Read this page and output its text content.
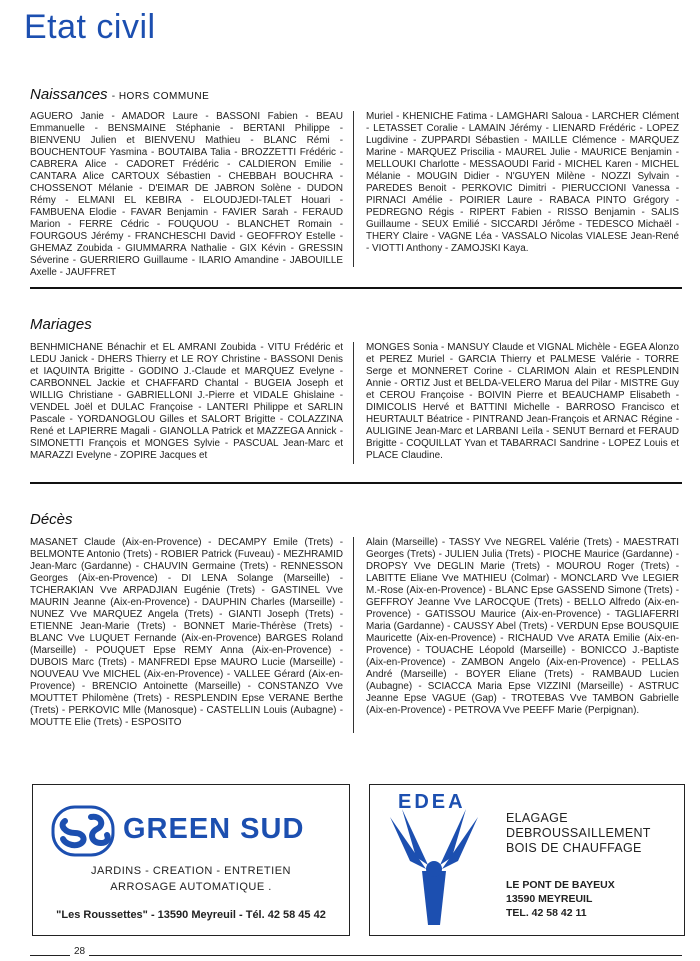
Etat civil
Naissances - HORS COMMUNE
AGUERO Janie - AMADOR Laure - BASSONI Fabien - BEAU Emmanuelle - BENSMAINE Stéphanie - BERTANI Philippe - BIENVENU Julien et BIENVENU Mathieu - BLANC Rémi - BOUCHENTOUF Yasmina - BOUTAIBA Talia - BROZZETTI Frédéric - CABRERA Alice - CADORET Frédéric - CALDIERON Emilie - CANTARA Alice CARTOUX Sébastien - CHEBBAH BOUCHRA - CHOSSENOT Mélanie - D'EIMAR DE JABRON Solène - DUDON Rémy - ELMANI EL KEBIRA - ELOUDJEDI-TALET Houari - FAMBUENA Elodie - FAVAR Benjamin - FAVIER Sarah - FERAUD Marion - FERRE Cédric - FOUQUOU - BLANCHET Romain - FOURGOUS Jérémy - FRANCHESCHI David - GEOFFROY Estelle - GHEMAZ Zoubida - GIUMMARRA Nathalie - GIX Kévin - GRESSIN Séverine - GUERRIERO Guillaume - ILARIO Amandine - JABOUILLE Axelle - JAUFFRET
Muriel - KHENICHE Fatima - LAMGHARI Saloua - LARCHER Clément - LETASSET Coralie - LAMAIN Jérémy - LIENARD Frédéric - LOPEZ Lugdivine - ZUPPARDI Sébastien - MAILLE Clémence - MARQUEZ Marine - MARQUEZ Priscilia - MAUREL Julie - MAURICE Benjamin - MELLOUKI Charlotte - MESSAOUDI Farid - MICHEL Karen - MICHEL Mélanie - MOUGIN Didier - N'GUYEN Milène - NOZZI Sylvain - PAREDES Benoit - PERKOVIC Dimitri - PIERUCCIONI Vanessa - PIRNACI Amélie - POIRIER Laure - RABACA PINTO Grégory - PEDREGNO Régis - RIPERT Fabien - RISSO Benjamin - SALIS Guillaume - SEUX Emilié - SICCARDI Jérôme - TEDESCO Michaël - THERY Claire - VAGNE Léa - VASSALO Nicolas VIALESE Jean-René - VIOTTI Anthony - ZAMOJSKI Kaya.
Mariages
BENHMICHANE Bénachir et EL AMRANI Zoubida - VITU Frédéric et LEDU Janick - DHERS Thierry et LE ROY Christine - BASSONI Denis et IAQUINTA Brigitte - GODINO J.-Claude et MARQUEZ Evelyne - CARBONNEL Jackie et CHAFFARD Chantal - BUGEIA Joseph et WILLIG Christiane - GABRIELLONI J.-Pierre et VIDALE Ghislaine - VENDEL Joël et DULAC Françoise - LANTERI Philippe et SARLIN Pascale - YORDANOGLOU Gilles et SALORT Brigitte - COLAZZINA René et LAPIERRE Magali - GIANOLLA Patrick et MAZZEGA Annick - SIMONETTI François et MONGES Sylvie - PASCUAL Jean-Marc et MARAZZI Evelyne - ZOPIRE Jacques et
MONGES Sonia - MANSUY Claude et VIGNAL Michèle - EGEA Alonzo et PEREZ Muriel - GARCIA Thierry et PALMESE Valérie - TORRE Serge et MONNERET Corine - CLARIMON Alain et RESPLENDIN Annie - ORTIZ Just et BELDA-VELERO Marua del Pilar - MISTRE Guy et CEROU Françoise - BOIVIN Pierre et BEAUCHAMP Elisabeth - DIMICOLIS Hervé et BATTINI Michelle - BARROSO Francisco et HEURTAULT Béatrice - PINTRAND Jean-François et ARNAC Régine - AULIGINE Jean-Marc et LARBANI Leïla - SENUT Bernard et FERAUD Brigitte - COQUILLAT Yvan et TABARRACI Sandrine - LOPEZ Louis et PLACE Claudine.
Décès
MASANET Claude (Aix-en-Provence) - DECAMPY Emile (Trets) - BELMONTE Antonio (Trets) - ROBIER Patrick (Fuveau) - MEZHRAMID Jean-Marc (Gardanne) - CHAUVIN Germaine (Trets) - RENNESSON Georges (Aix-en-Provence) - DI LENA Solange (Marseille) - TCHERAKIAN Vve ARPADJIAN Eugénie (Trets) - GASTINEL Vve MAURIN Jeanne (Aix-en-Provence) - DAUPHIN Charles (Marseille) - NUNEZ Vve MARQUEZ Angela (Trets) - GIANTI Joseph (Trets) - ETIENNE Jean-Marie (Trets) - BONNET Marie-Thérèse (Trets) - BLANC Vve LUQUET Fernande (Aix-en-Provence) BARGES Roland (Marseille) - POUQUET Epse REMY Anna (Aix-en-Provence) - DUBOIS Marc (Trets) - MANFREDI Epse MAURO Lucie (Marseille) - NOUVEAU Vve MICHEL (Aix-en-Provence) - VALLEE Gérard (Aix-en-Provence) - BRENCIO Antoinette (Marseille) - CONSTANZO Vve MOUTTET Philomène (Trets) - RESPLENDIN Epse VERANE Berthe (Trets) - PERKOVIC Mlle (Manosque) - CASTELLIN Louis (Aubagne) - MOUTTE Elie (Trets) - ESPOSITO
Alain (Marseille) - TASSY Vve NEGREL Valérie (Trets) - MAESTRATI Georges (Trets) - JULIEN Julia (Trets) - PIOCHE Maurice (Gardanne) - DROPSY Vve DEGLIN Marie (Trets) - MOUROU Roger (Trets) - LABITTE Eliane Vve MATHIEU (Colmar) - MONCLARD Vve LEGIER M.-Rose (Aix-en-Provence) - BLANC Epse GASSEND Simone (Trets) - GEFFROY Jeanne Vve LAROCQUE (Trets) - BELLO Alfredo (Aix-en-Provence) - GATISSOU Maurice (Aix-en-Provence) - TAGLIAFERRI Maria (Gardanne) - CAUSSY Abel (Trets) - VERDUN Epse BOUSQUIE Mauricette (Aix-en-Provence) - RICHAUD Vve ARATA Emilie (Aix-en-Provence) - TOUACHE Léopold (Marseille) - BONICCO J.-Baptiste (Aix-en-Provence) - ZAMBON Angelo (Aix-en-Provence) - PELLAS André (Marseille) - BOYER Eliane (Trets) - RAMBAUD Lucien (Aubagne) - SCIACCA Maria Epse VIZZINI (Marseille) - ASTRUC Jeanne Epse VAGUE (Gap) - TROTEBAS Vve TAMBON Gabrielle (Aix-en-Provence) - PETROVA Vve PEEFF Marie (Perpignan).
GREEN SUD
JARDINS - CREATION - ENTRETIEN
ARROSAGE AUTOMATIQUE .
"Les Roussettes" - 13590 Meyreuil - Tél. 42 58 45 42
EDEA
ELAGAGE
DEBROUSSAILLEMENT
BOIS DE CHAUFFAGE
LE PONT DE BAYEUX
13590 MEYREUIL
TEL. 42 58 42 11
28
